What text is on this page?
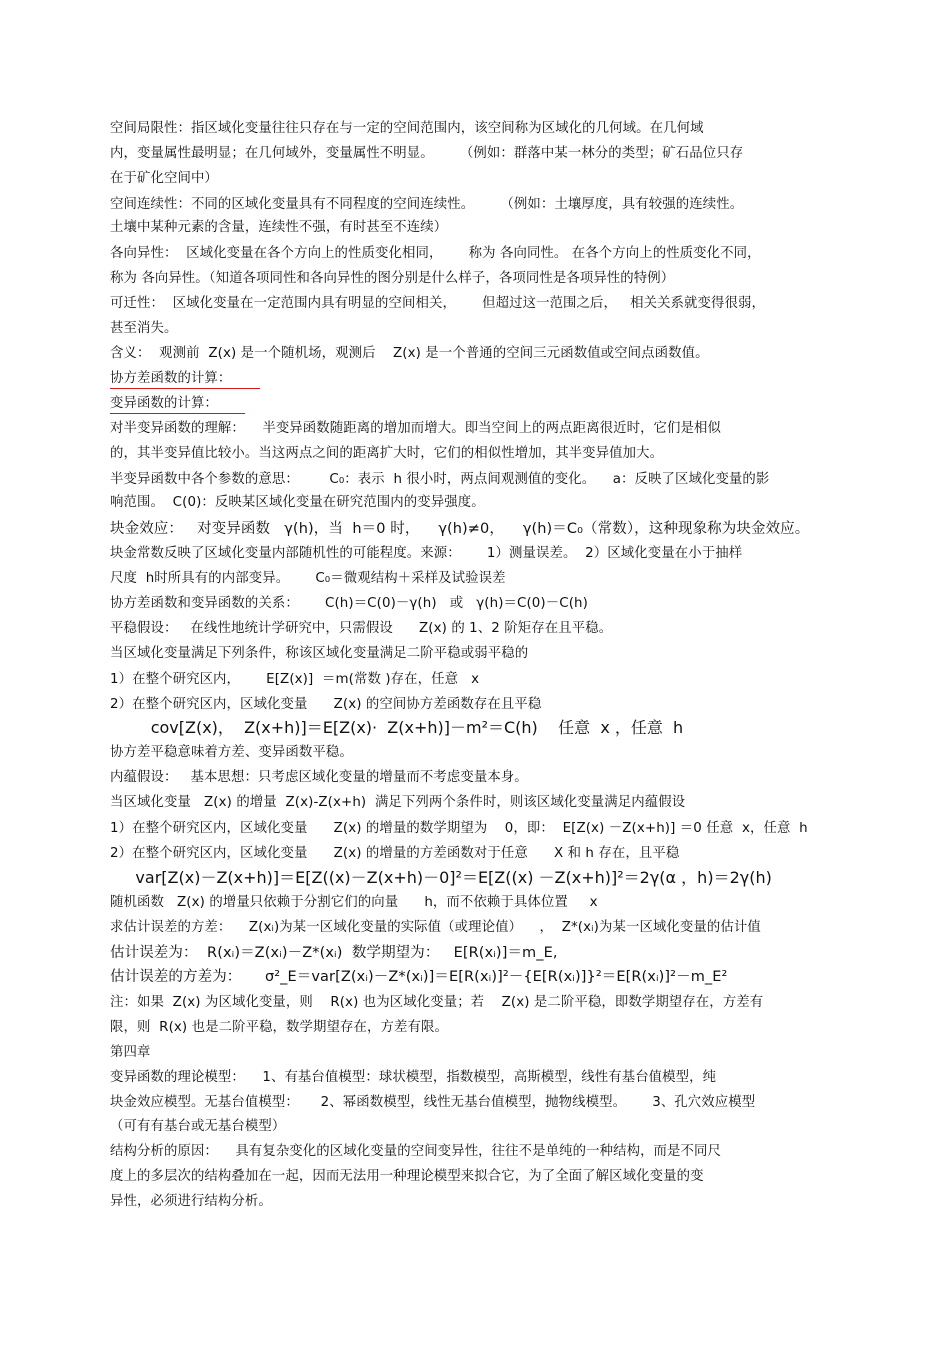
空间局限性：指区域化变量往往只存在与一定的空间范围内，该空间称为区域化的几何域。在几何域
内，变量属性最明显；在几何域外，变量属性不明显。      （例如：群落中某一林分的类型；矿石品位只存
在于矿化空间中）
空间连续性：不同的区域化变量具有不同程度的空间连续性。      （例如：土壤厚度，具有较强的连续性。
土壤中某种元素的含量，连续性不强，有时甚至不连续）
各向异性：  区域化变量在各个方向上的性质变化相同，      称为 各向同性。 在各个方向上的性质变化不同，
称为 各向异性。（知道各项同性和各向异性的图分别是什么样子，各项同性是各项异性的特例）
可迁性：  区域化变量在一定范围内具有明显的空间相关，      但超过这一范围之后，   相关关系就变得很弱，
甚至消失。
含义：  观测前  Z(x) 是一个随机场，观测后    Z(x) 是一个普通的空间三元函数值或空间点函数值。
协方差函数的计算：
变异函数的计算：
对半变异函数的理解：    半变异函数随距离的增加而增大。即当空间上的两点距离很近时，它们是相似
的，其半变异值比较小。当这两点之间的距离扩大时，它们的相似性增加，其半变异值加大。
半变异函数中各个参数的意思：       C₀：表示  h 很小时，两点间观测值的变化。    a：反映了区域化变量的影
响范围。  C(0)：反映某区域化变量在研究范围内的变异强度。
块金效应：   对变异函数   γ(h)，当  h＝0 时，    γ(h)≠0，    γ(h)＝C₀（常数），这种现象称为块金效应。
块金常数反映了区域化变量内部随机性的可能程度。来源：      1）测量误差。  2）区域化变量在小于抽样
尺度  h时所具有的内部变异。      C₀＝微观结构＋采样及试验误差
协方差函数和变异函数的关系：      C(h)＝C(0)－γ(h)   或   γ(h)＝C(0)－C(h)
平稳假设：   在线性地统计学研究中，只需假设      Z(x) 的 1、2 阶矩存在且平稳。
当区域化变量满足下列条件，称该区域化变量满足二阶平稳或弱平稳的
1）在整个研究区内，      E[Z(x)]  ＝m(常数 )存在，任意   x
2）在整个研究区内，区域化变量      Z(x) 的空间协方差函数存在且平稳
cov[Z(x)，  Z(x+h)]＝E[Z(x)·  Z(x+h)]－m²＝C(h)    任意  x ，任意  h
协方差平稳意味着方差、变异函数平稳。
内蕴假设：   基本思想：只考虑区域化变量的增量而不考虑变量本身。
当区域化变量   Z(x) 的增量  Z(x)-Z(x+h)  满足下列两个条件时，则该区域化变量满足内蕴假设
1）在整个研究区内，区域化变量      Z(x) 的增量的数学期望为    0，即：  E[Z(x) －Z(x+h)] ＝0 任意  x，任意  h
2）在整个研究区内，区域化变量      Z(x) 的增量的方差函数对于任意      X 和 h 存在，且平稳
var[Z(x)－Z(x+h)]＝E[Z((x)－Z(x+h)－0]²＝E[Z((x) －Z(x+h)]²＝2γ(α ，h)＝2γ(h)
随机函数   Z(x) 的增量只依赖于分割它们的向量      h，而不依赖于具体位置     x
求估计误差的方差：    Z(xᵢ)为某一区域化变量的实际值（或理论值）    ，  Z*(xᵢ)为某一区域化变量的估计值
估计误差为：  R(xᵢ)＝Z(xᵢ)－Z*(xᵢ)  数学期望为：   E[R(xᵢ)]＝m_E,
估计误差的方差为：     σ²_E＝var[Z(xᵢ)－Z*(xᵢ)]＝E[R(xᵢ)]²－{E[R(xᵢ)]}²＝E[R(xᵢ)]²－m_E²
注：如果  Z(x) 为区域化变量，则    R(x) 也为区域化变量；若    Z(x) 是二阶平稳，即数学期望存在，方差有
限，则  R(x) 也是二阶平稳，数学期望存在，方差有限。
第四章
变异函数的理论模型：    1、有基台值模型：球状模型，指数模型，高斯模型，线性有基台值模型，纯
块金效应模型。无基台值模型：     2、幂函数模型，线性无基台值模型，抛物线模型。      3、孔穴效应模型
（可有有基台或无基台模型）
结构分析的原因：    具有复杂变化的区域化变量的空间变异性，往往不是单纯的一种结构，而是不同尺
度上的多层次的结构叠加在一起，因而无法用一种理论模型来拟合它，为了全面了解区域化变量的变
异性，必须进行结构分析。
